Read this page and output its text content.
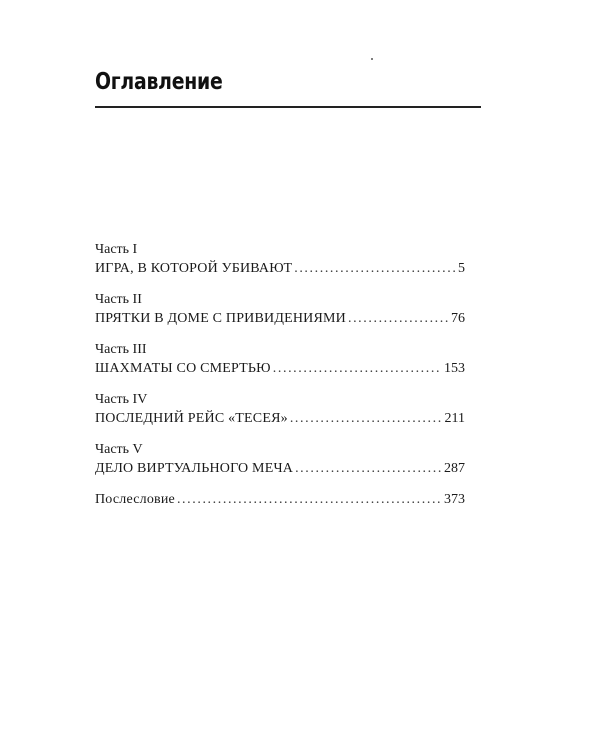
Оглавление
Часть I
ИГРА, В КОТОРОЙ УБИВАЮТ .....	5
Часть II
ПРЯТКИ В ДОМЕ С ПРИВИДЕНИЯМИ .....	76
Часть III
ШАХМАТЫ СО СМЕРТЬЮ .....	153
Часть IV
ПОСЛЕДНИЙ РЕЙС «ТЕСЕЯ» .....	211
Часть V
ДЕЛО ВИРТУАЛЬНОГО МЕЧА .....	287
Послесловие .....	373
